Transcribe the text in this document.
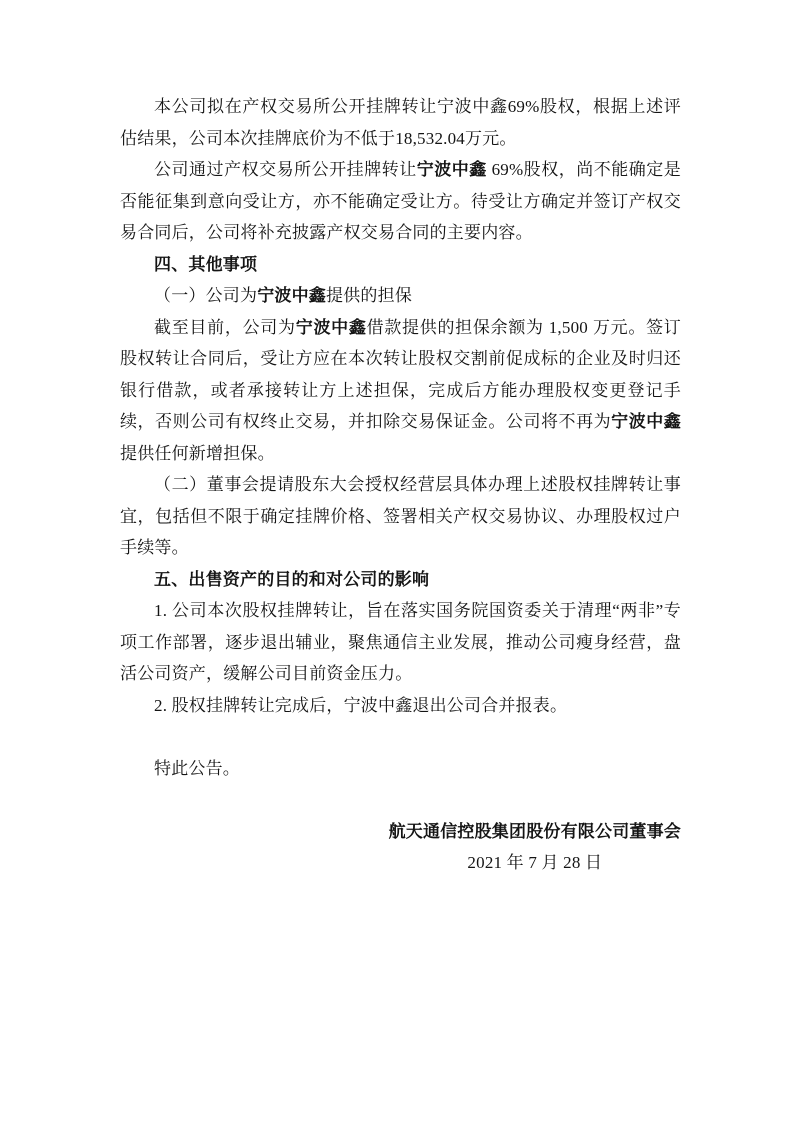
本公司拟在产权交易所公开挂牌转让宁波中鑫69%股权，根据上述评估结果，公司本次挂牌底价为不低于18,532.04万元。

公司通过产权交易所公开挂牌转让宁波中鑫 69%股权，尚不能确定是否能征集到意向受让方，亦不能确定受让方。待受让方确定并签订产权交易合同后，公司将补充披露产权交易合同的主要内容。

四、其他事项

（一）公司为宁波中鑫提供的担保

截至目前，公司为宁波中鑫借款提供的担保余额为 1,500 万元。签订股权转让合同后，受让方应在本次转让股权交割前促成标的企业及时归还银行借款，或者承接转让方上述担保，完成后方能办理股权变更登记手续，否则公司有权终止交易，并扣除交易保证金。公司将不再为宁波中鑫提供任何新增担保。

（二）董事会提请股东大会授权经营层具体办理上述股权挂牌转让事宜，包括但不限于确定挂牌价格、签署相关产权交易协议、办理股权过户手续等。

五、出售资产的目的和对公司的影响

1. 公司本次股权挂牌转让，旨在落实国务院国资委关于清理“两非”专项工作部署，逐步退出辅业，聚焦通信主业发展，推动公司瘦身经营，盘活公司资产，缓解公司目前资金压力。

2. 股权挂牌转让完成后，宁波中鑫退出公司合并报表。

特此公告。

航天通信控股集团股份有限公司董事会
2021 年 7 月 28 日
